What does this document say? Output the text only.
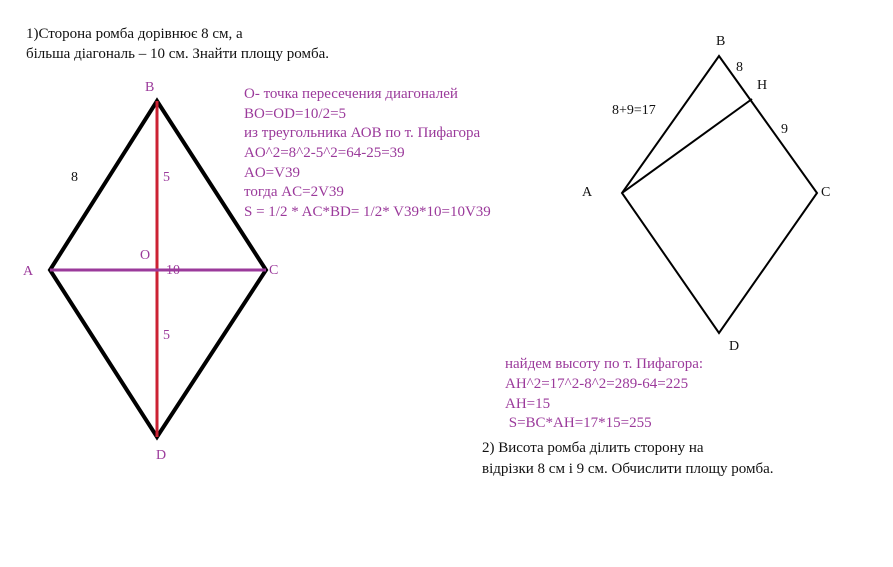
1)Сторона ромба дорівнює 8 см, а
більша діагональ – 10 см. Знайти площу ромба.
О- точка пересечения диагоналей
BO=OD=10/2=5
из треугольника АОВ по т. Пифагора
AO^2=8^2-5^2=64-25=39
AO=V39
тогда AC=2V39
S = 1/2 * AC*BD= 1/2* V39*10=10V39
B
A	C
D
O
8	5
5
10
B
A	C
D
H
8
9
8+9=17
найдем высоту по т. Пифагора:
AH^2=17^2-8^2=289-64=225
AH=15
S=BC*AH=17*15=255
2) Висота ромба ділить сторону на
відрізки 8 см і 9 см. Обчислити площу ромба.
